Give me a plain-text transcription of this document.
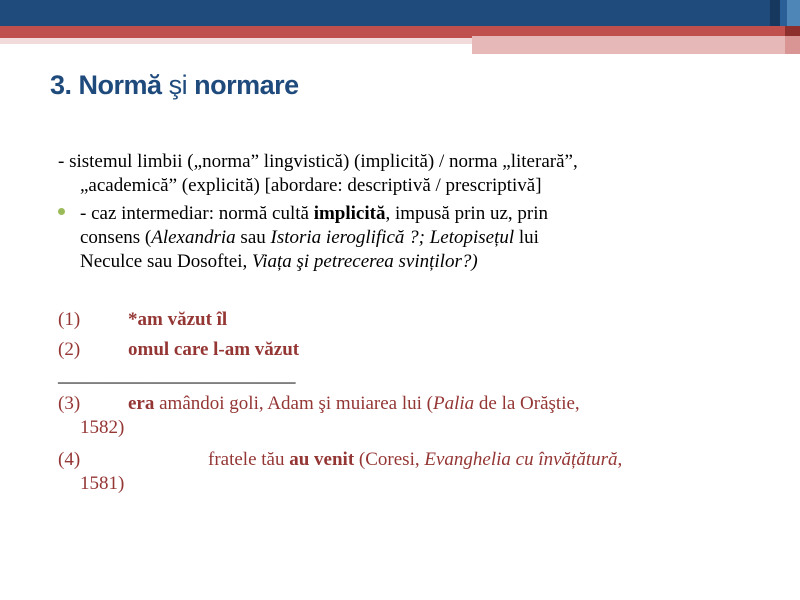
3. Normă şi normare
- sistemul limbii („norma” lingvistică) (implicită) / norma „literară”,
„academică” (explicită) [abordare: descriptivă / prescriptivă]
- caz intermediar: normă cultă implicită, impusă prin uz, prin
consens (Alexandria sau Istoria ieroglifică ?; Letopisețul lui
Neculce sau Dosoftei, Viața şi petrecerea svinților?)
(1)	*am văzut îl
(2)	omul care l-am văzut
_________________________
(3)	era amândoi goli, Adam şi muiarea lui (Palia de la Orăştie,
1582)
(4)	fratele tău au venit (Coresi, Evanghelia cu învățătură,
1581)
